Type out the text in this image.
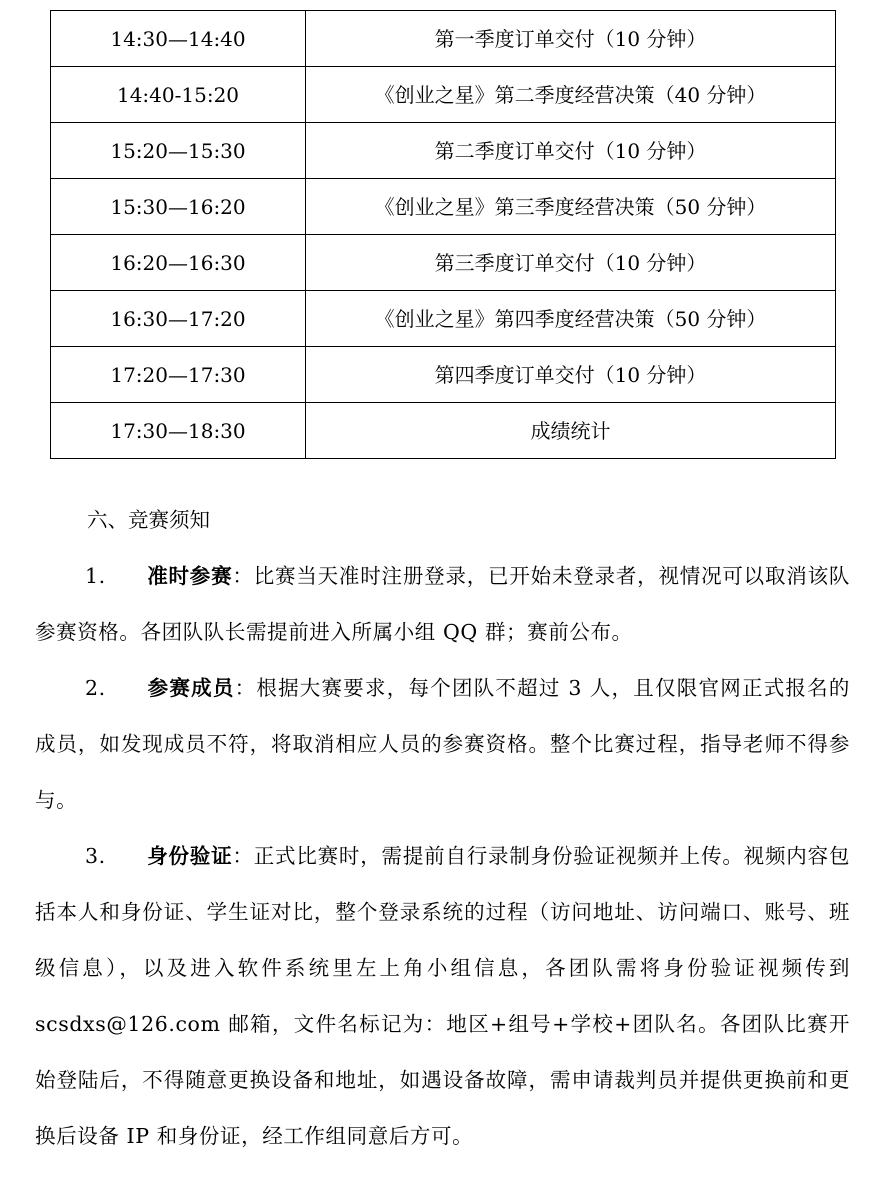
14:30—14:40	第一季度订单交付（10 分钟）
14:40-15:20	《创业之星》第二季度经营决策（40 分钟）
15:20—15:30	第二季度订单交付（10 分钟）
15:30—16:20	《创业之星》第三季度经营决策（50 分钟）
16:20—16:30	第三季度订单交付（10 分钟）
16:30—17:20	《创业之星》第四季度经营决策（50 分钟）
17:20—17:30	第四季度订单交付（10 分钟）
17:30—18:30	成绩统计
六、竞赛须知

1. 准时参赛：比赛当天准时注册登录，已开始未登录者，视情况可以取消该队参赛资格。各团队队长需提前进入所属小组 QQ 群；赛前公布。

2. 参赛成员：根据大赛要求，每个团队不超过 3 人，且仅限官网正式报名的成员，如发现成员不符，将取消相应人员的参赛资格。整个比赛过程，指导老师不得参与。

3. 身份验证：正式比赛时，需提前自行录制身份验证视频并上传。视频内容包括本人和身份证、学生证对比，整个登录系统的过程（访问地址、访问端口、账号、班级信息），以及进入软件系统里左上角小组信息，各团队需将身份验证视频传到 scsdxs@126.com 邮箱，文件名标记为：地区+组号+学校+团队名。各团队比赛开始登陆后，不得随意更换设备和地址，如遇设备故障，需申请裁判员并提供更换前和更换后设备 IP 和身份证，经工作组同意后方可。
